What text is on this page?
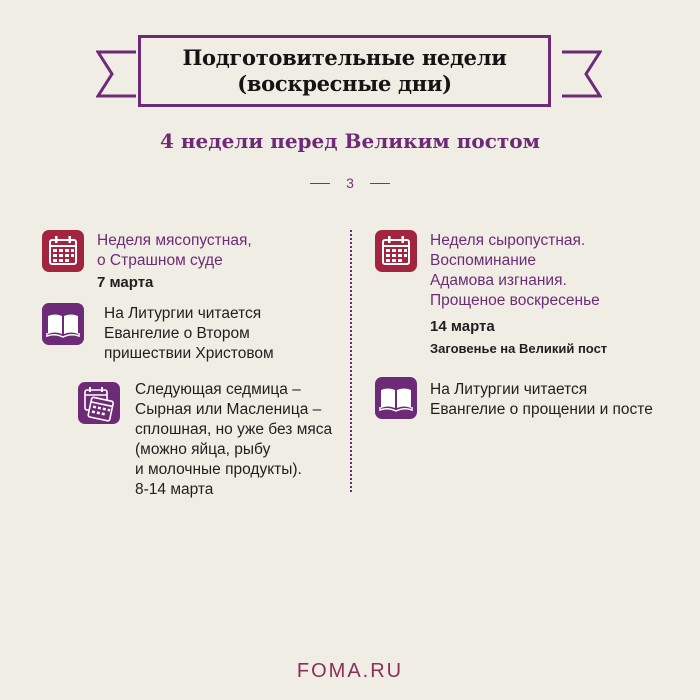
Подготовительные недели
(воскресные дни)
4 недели перед Великим постом
3
Неделя мясопустная,
о Страшном суде
7 марта
На Литургии читается
Евангелие о Втором
пришествии Христовом
Следующая седмица –
Сырная или Масленица –
сплошная, но уже без мяса
(можно яйца, рыбу
и молочные продукты).
8-14 марта
Неделя сыропустная.
Воспоминание
Адамова изгнания.
Прощеное воскресенье
14 марта
Заговенье на Великий пост
На Литургии читается
Евангелие о прощении и посте
FOMA.RU
